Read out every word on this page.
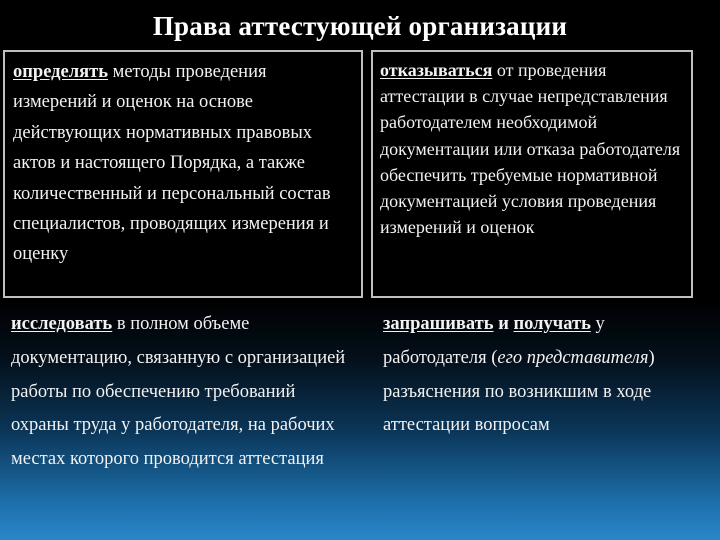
Права аттестующей организации
определять методы проведения измерений и оценок на основе действующих нормативных правовых актов и настоящего Порядка, а также количественный и персональный состав специалистов, проводящих измерения и оценку
отказываться от проведения аттестации в случае непредставления работодателем необходимой документации или отказа работодателя обеспечить требуемые нормативной документацией условия проведения измерений и оценок
исследовать в полном объеме документацию, связанную с организацией работы по обеспечению требований охраны труда у работодателя, на рабочих местах которого проводится аттестация
запрашивать и получать у работодателя (его представителя) разъяснения по возникшим в ходе аттестации вопросам
